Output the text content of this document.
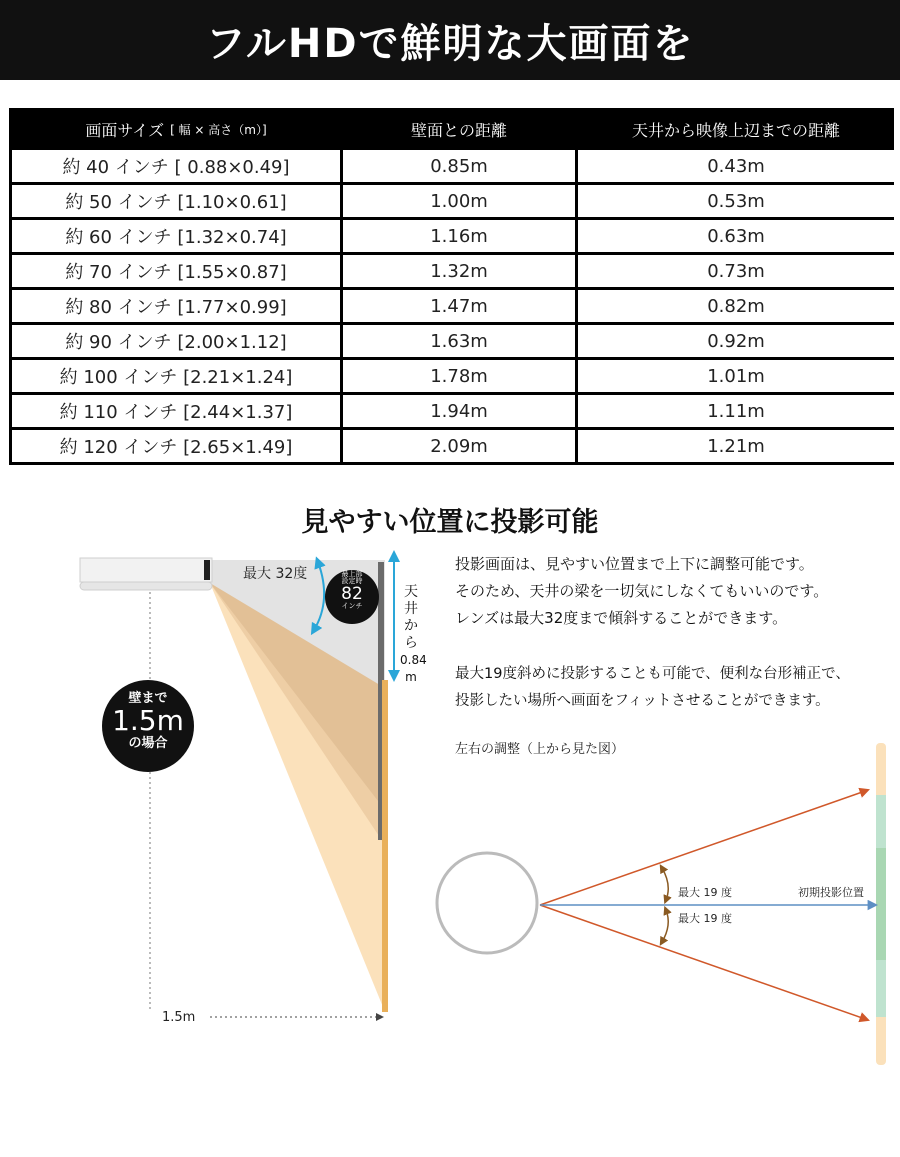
フルHDで鮮明な大画面を
画面サイズ [ 幅 × 高さ（m）]	壁面との距離	天井から映像上辺までの距離
約 40 インチ [ 0.88×0.49]	0.85m	0.43m
約 50 インチ [1.10×0.61]	1.00m	0.53m
約 60 インチ [1.32×0.74]	1.16m	0.63m
約 70 インチ [1.55×0.87]	1.32m	0.73m
約 80 インチ [1.77×0.99]	1.47m	0.82m
約 90 インチ [2.00×1.12]	1.63m	0.92m
約 100 インチ [2.21×1.24]	1.78m	1.01m
約 110 インチ [2.44×1.37]	1.94m	1.11m
約 120 インチ [2.65×1.49]	2.09m	1.21m
見やすい位置に投影可能
最大 32度	最上部
設定時
82
インチ
天
井
か
ら
0.84
m
壁まで
1.5m
の場合
1.5m

投影画面は、見やすい位置まで上下に調整可能です。

そのため、天井の梁を一切気にしなくてもいいのです。

レンズは最大32度まで傾斜することができます。

最大19度斜めに投影することも可能で、便利な台形補正で、

投影したい場所へ画面をフィットさせることができます。

左右の調整（上から見た図）
最大 19 度
最大 19 度
初期投影位置
